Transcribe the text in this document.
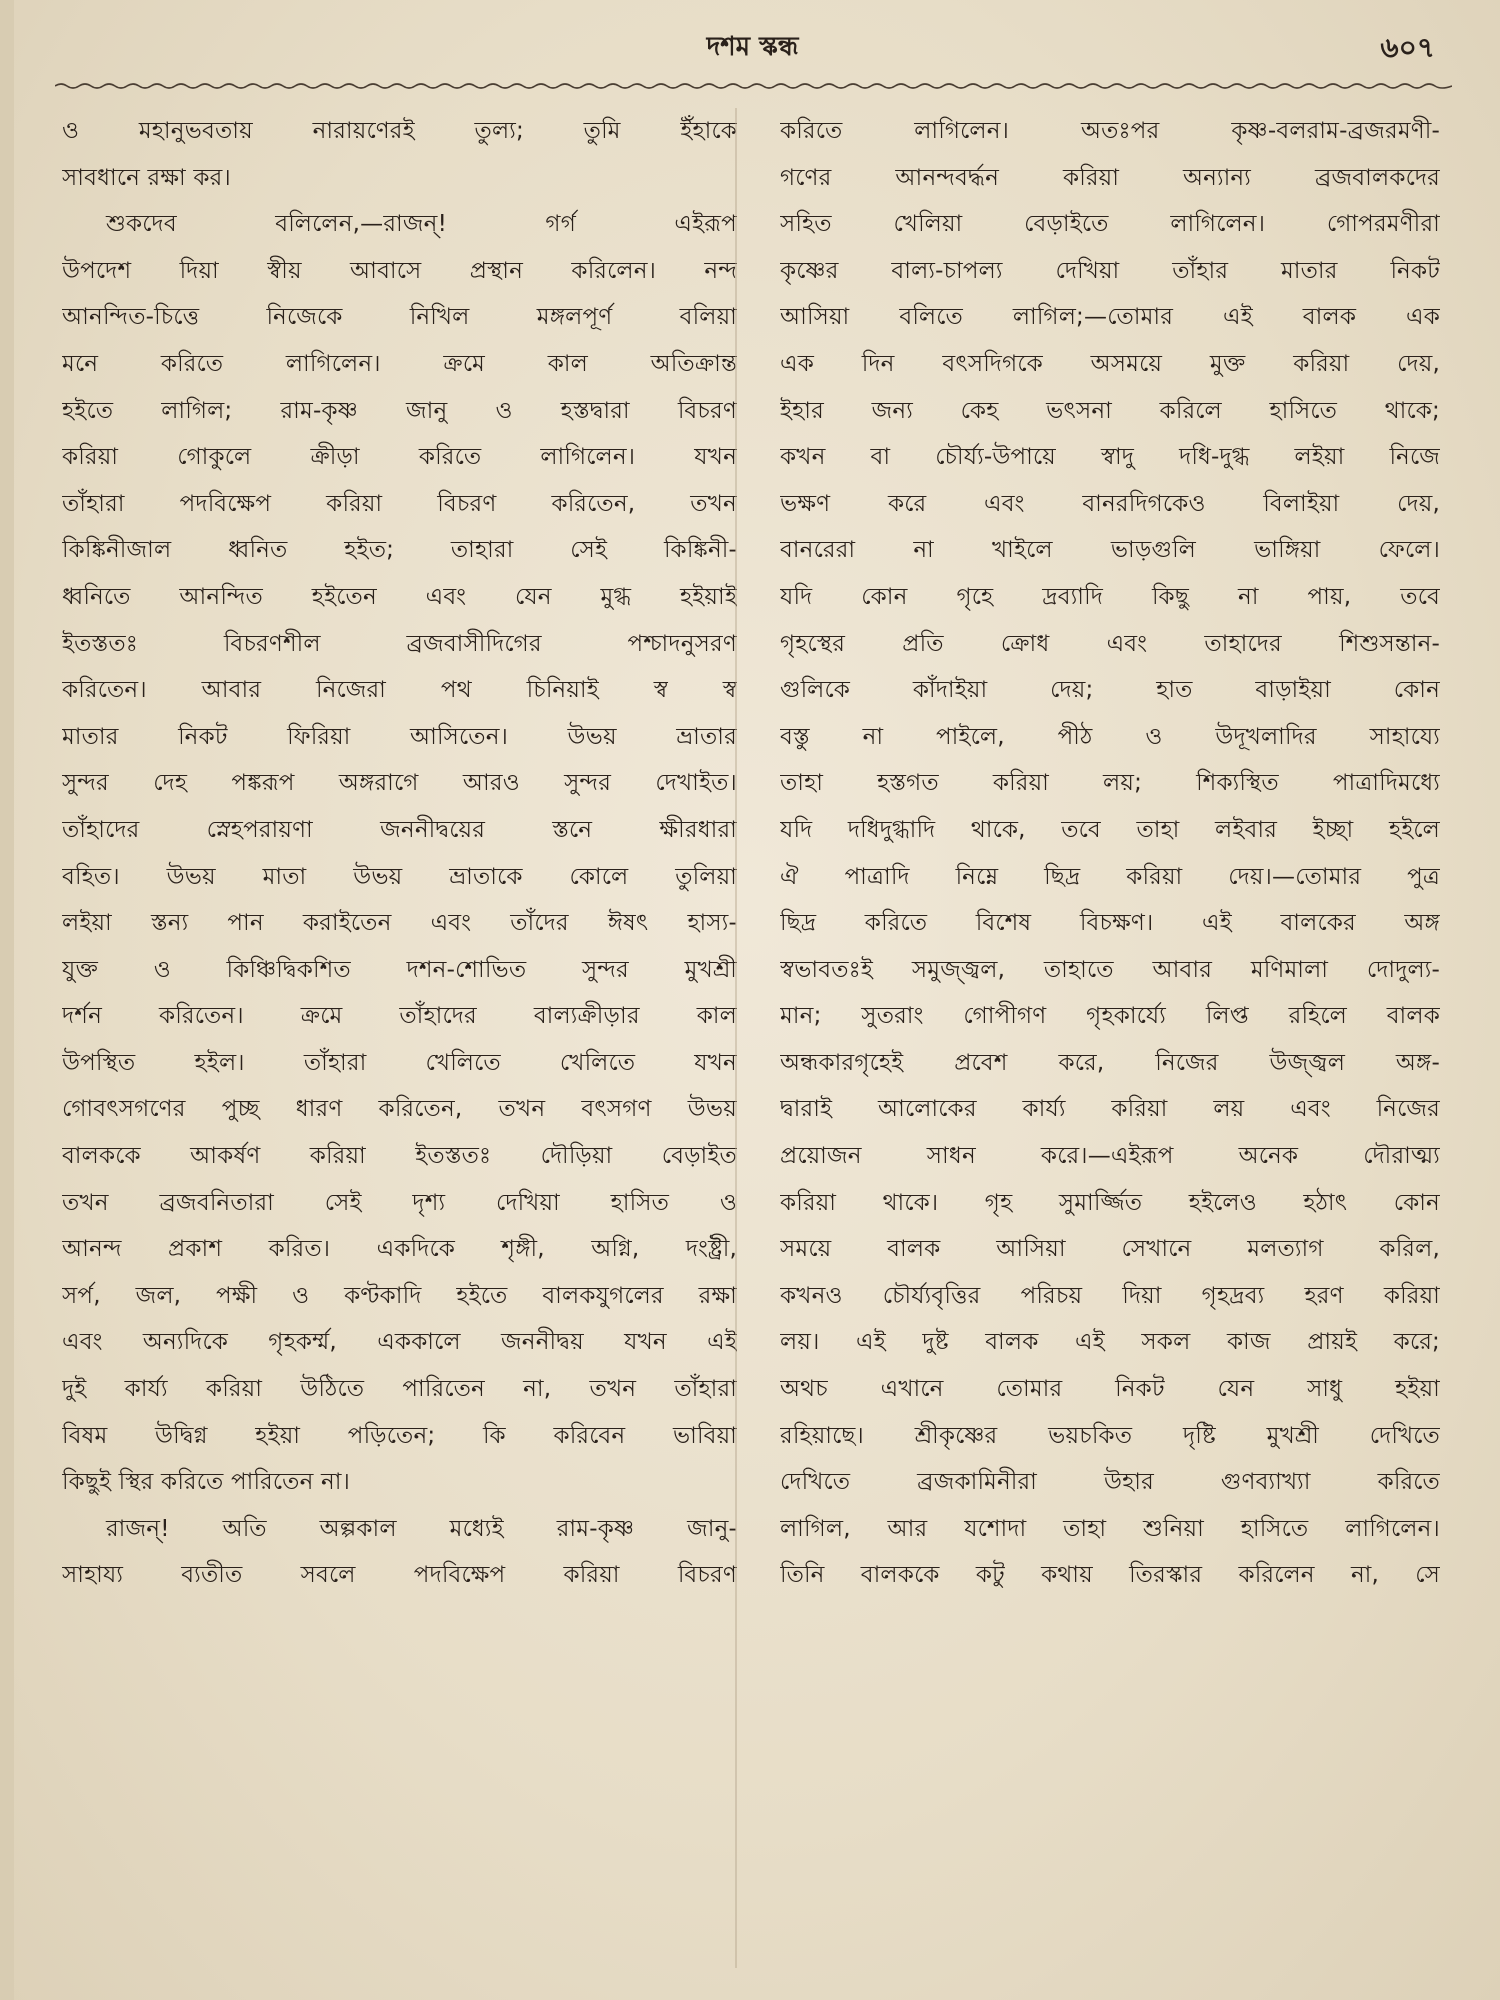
দশম স্কন্ধ	৬০৭
ও মহানুভবতায় নারায়ণেরই তুল্য; তুমি ইঁহাকে
সাবধানে রক্ষা কর।
শুকদেব বলিলেন,—রাজন্! গর্গ এইরূপ
উপদেশ দিয়া স্বীয় আবাসে প্রস্থান করিলেন। নন্দ
আনন্দিত-চিত্তে নিজেকে নিখিল মঙ্গলপূর্ণ বলিয়া
মনে করিতে লাগিলেন। ক্রমে কাল অতিক্রান্ত
হইতে লাগিল; রাম-কৃষ্ণ জানু ও হস্তদ্বারা বিচরণ
করিয়া গোকুলে ক্রীড়া করিতে লাগিলেন। যখন
তাঁহারা পদবিক্ষেপ করিয়া বিচরণ করিতেন, তখন
কিঙ্কিনীজাল ধ্বনিত হইত; তাহারা সেই কিঙ্কিনী-
ধ্বনিতে আনন্দিত হইতেন এবং যেন মুগ্ধ হইয়াই
ইতস্ততঃ বিচরণশীল ব্রজবাসীদিগের পশ্চাদনুসরণ
করিতেন। আবার নিজেরা পথ চিনিয়াই স্ব স্ব
মাতার নিকট ফিরিয়া আসিতেন। উভয় ভ্রাতার
সুন্দর দেহ পঙ্করূপ অঙ্গরাগে আরও সুন্দর দেখাইত।
তাঁহাদের স্নেহপরায়ণা জননীদ্বয়ের স্তনে ক্ষীরধারা
বহিত। উভয় মাতা উভয় ভ্রাতাকে কোলে তুলিয়া
লইয়া স্তন্য পান করাইতেন এবং তাঁদের ঈষৎ হাস্য-
যুক্ত ও কিঞ্চিদ্বিকশিত দশন-শোভিত সুন্দর মুখশ্রী
দর্শন করিতেন। ক্রমে তাঁহাদের বাল্যক্রীড়ার কাল
উপস্থিত হইল। তাঁহারা খেলিতে খেলিতে যখন
গোবৎসগণের পুচ্ছ ধারণ করিতেন, তখন বৎসগণ উভয়
বালককে আকর্ষণ করিয়া ইতস্ততঃ দৌড়িয়া বেড়াইত
তখন ব্রজবনিতারা সেই দৃশ্য দেখিয়া হাসিত ও
আনন্দ প্রকাশ করিত। একদিকে শৃঙ্গী, অগ্নি, দংষ্ট্রী,
সর্প, জল, পক্ষী ও কণ্টকাদি হইতে বালকযুগলের রক্ষা
এবং অন্যদিকে গৃহকর্ম্ম, এককালে জননীদ্বয় যখন এই
দুই কার্য্য করিয়া উঠিতে পারিতেন না, তখন তাঁহারা
বিষম উদ্বিগ্ন হইয়া পড়িতেন; কি করিবেন ভাবিয়া
কিছুই স্থির করিতে পারিতেন না।
রাজন্! অতি অল্পকাল মধ্যেই রাম-কৃষ্ণ জানু-
সাহায্য ব্যতীত সবলে পদবিক্ষেপ করিয়া বিচরণ
করিতে লাগিলেন। অতঃপর কৃষ্ণ-বলরাম-ব্রজরমণী-
গণের আনন্দবর্দ্ধন করিয়া অন্যান্য ব্রজবালকদের
সহিত খেলিয়া বেড়াইতে লাগিলেন। গোপরমণীরা
কৃষ্ণের বাল্য-চাপল্য দেখিয়া তাঁহার মাতার নিকট
আসিয়া বলিতে লাগিল;—তোমার এই বালক এক
এক দিন বৎসদিগকে অসময়ে মুক্ত করিয়া দেয়,
ইহার জন্য কেহ ভৎসনা করিলে হাসিতে থাকে;
কখন বা চৌর্য্য-উপায়ে স্বাদু দধি-দুগ্ধ লইয়া নিজে
ভক্ষণ করে এবং বানরদিগকেও বিলাইয়া দেয়,
বানরেরা না খাইলে ভাড়গুলি ভাঙ্গিয়া ফেলে।
যদি কোন গৃহে দ্রব্যাদি কিছু না পায়, তবে
গৃহস্থের প্রতি ক্রোধ এবং তাহাদের শিশুসন্তান-
গুলিকে কাঁদাইয়া দেয়; হাত বাড়াইয়া কোন
বস্তু না পাইলে, পীঠ ও উদূখলাদির সাহায্যে
তাহা হস্তগত করিয়া লয়; শিক্যস্থিত পাত্রাদিমধ্যে
যদি দধিদুগ্ধাদি থাকে, তবে তাহা লইবার ইচ্ছা হইলে
ঐ পাত্রাদি নিম্নে ছিদ্র করিয়া দেয়।—তোমার পুত্র
ছিদ্র করিতে বিশেষ বিচক্ষণ। এই বালকের অঙ্গ
স্বভাবতঃই সমুজ্জ্বল, তাহাতে আবার মণিমালা দোদুল্য-
মান; সুতরাং গোপীগণ গৃহকার্য্যে লিপ্ত রহিলে বালক
অন্ধকারগৃহেই প্রবেশ করে, নিজের উজ্জ্বল অঙ্গ-
দ্বারাই আলোকের কার্য্য করিয়া লয় এবং নিজের
প্রয়োজন সাধন করে।—এইরূপ অনেক দৌরাত্ম্য
করিয়া থাকে। গৃহ সুমার্জ্জিত হইলেও হঠাৎ কোন
সময়ে বালক আসিয়া সেখানে মলত্যাগ করিল,
কখনও চৌর্য্যবৃত্তির পরিচয় দিয়া গৃহদ্রব্য হরণ করিয়া
লয়। এই দুষ্ট বালক এই সকল কাজ প্রায়ই করে;
অথচ এখানে তোমার নিকট যেন সাধু হইয়া
রহিয়াছে। শ্রীকৃষ্ণের ভয়চকিত দৃষ্টি মুখশ্রী দেখিতে
দেখিতে ব্রজকামিনীরা উহার গুণব্যাখ্যা করিতে
লাগিল, আর যশোদা তাহা শুনিয়া হাসিতে লাগিলেন।
তিনি বালককে কটু কথায় তিরস্কার করিলেন না, সে
